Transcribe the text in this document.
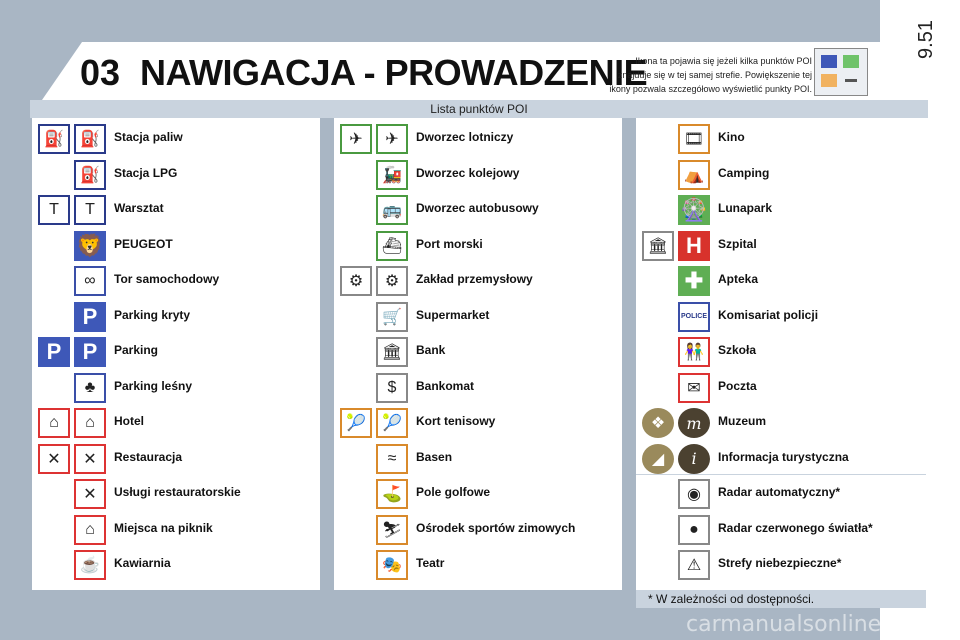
9.51
03 NAWIGACJA - PROWADZENIE
Ikona ta pojawia się jeżeli kilka punktów POI znajduje się w tej samej strefie. Powiększenie tej ikony pozwala szczegółowo wyświetlić punkty POI.
Lista punktów POI
⛽	⛽	Stacja paliw
⛽	Stacja LPG
T	T	Warsztat
🦁 PEUGEOT
∞	Tor samochodowy
P	Parking kryty
P P	Parking
♣	Parking leśny
⌂	⌂	Hotel
✕	✕	Restauracja
✕	Usługi restauratorskie
⌂	Miejsca na piknik
☕	Kawiarnia
✈	✈	Dworzec lotniczy
🚂	Dworzec kolejowy
🚌	Dworzec autobusowy
⛴	Port morski
⚙	⚙	Zakład przemysłowy
🛒	Supermarket
🏛	Bank
$	Bankomat
🎾	🎾	Kort tenisowy
≈	Basen
⛳	Pole golfowe
⛷	Ośrodek sportów zimowych
🎭	Teatr
🎞	Kino
⛺	Camping
🎡 Lunapark
🏛 H	Szpital
✚	Apteka
POLICE Komisariat policji
👫	Szkoła
✉	Poczta
❖	m	Muzeum
◢	i	Informacja turystyczna
◉	Radar automatyczny*
●	Radar czerwonego światła*
⚠	Strefy niebezpieczne*
* W zależności od dostępności.
carmanualsonline.info
